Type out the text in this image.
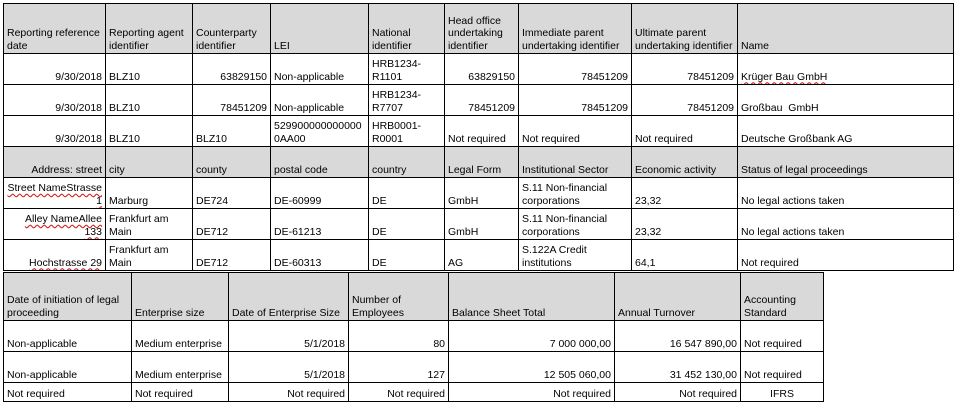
Reporting reference date	Reporting agent identifier	Counterparty identifier	LEI	National identifier	Head office undertaking identifier	Immediate parent undertaking identifier	Ultimate parent undertaking identifier	Name
9/30/2018	BLZ10	63829150	Non-applicable	HRB1234-R1101	63829150	78451209	78451209	Krüger Bau GmbH
9/30/2018	BLZ10	78451209	Non-applicable	HRB1234-R7707	78451209	78451209	78451209	Großbau  GmbH
9/30/2018	BLZ10	BLZ10	5299000000000000AA00	HRB0001-R0001	Not required	Not required	Not required	Deutsche Großbank AG
Address: street	city	county	postal code	country	Legal Form	Institutional Sector	Economic activity	Status of legal proceedings
Street NameStrasse 1	Marburg	DE724	DE-60999	DE	GmbH	S.11 Non-financial corporations	23,32	No legal actions taken
Alley NameAllee 133	Frankfurt am Main	DE712	DE-61213	DE	GmbH	S.11 Non-financial corporations	23,32	No legal actions taken
Hochstrasse 29	Frankfurt am Main	DE712	DE-60313	DE	AG	S.122A Credit institutions	64,1	Not required
Date of initiation of legal proceeding	Enterprise size	Date of Enterprise Size	Number of Employees	Balance Sheet Total	Annual Turnover	Accounting Standard
Non-applicable	Medium enterprise	5/1/2018	80	7 000 000,00	16 547 890,00	Not required
Non-applicable	Medium enterprise	5/1/2018	127	12 505 060,00	31 452 130,00	Not required
Not required	Not required	Not required	Not required	Not required	Not required	IFRS
